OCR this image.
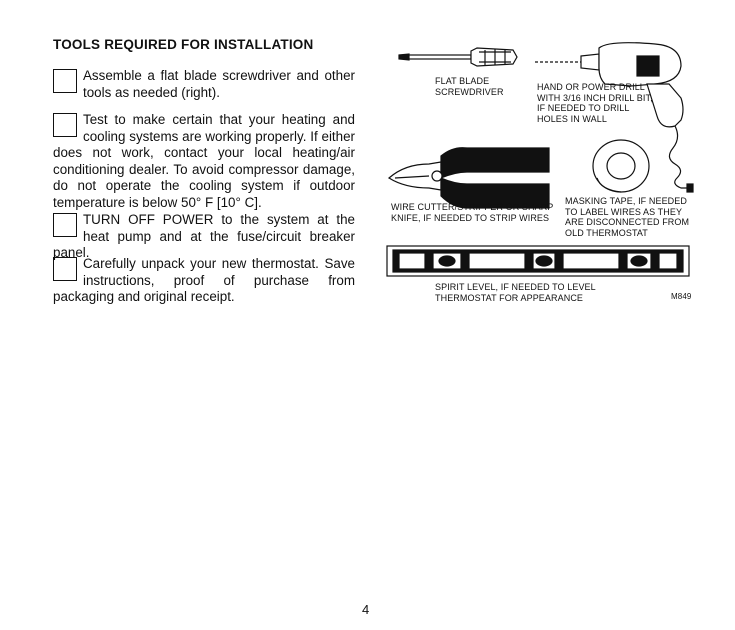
TOOLS REQUIRED FOR INSTALLATION
Assemble a flat blade screwdriver and other tools as needed (right).
Test to make certain that your heating and cooling systems are working properly. If either does not work, contact your local heating/air conditioning dealer. To avoid compressor damage, do not operate the cooling system if outdoor temperature is below 50° F [10° C].
TURN OFF POWER to the system at the heat pump and at the fuse/circuit breaker panel.
Carefully unpack your new thermostat. Save instructions, proof of purchase from packaging and original receipt.
FLAT BLADE SCREWDRIVER	HAND OR POWER DRILL WITH 3/16 INCH DRILL BIT, IF NEEDED TO DRILL HOLES IN WALL
WIRE CUTTER/STRIPPER OR SHARP KNIFE, IF NEEDED TO STRIP WIRES
MASKING TAPE, IF NEEDED TO LABEL WIRES AS THEY ARE DISCONNECTED FROM OLD THERMOSTAT
SPIRIT LEVEL, IF NEEDED TO LEVEL THERMOSTAT FOR APPEARANCE	M849
4
